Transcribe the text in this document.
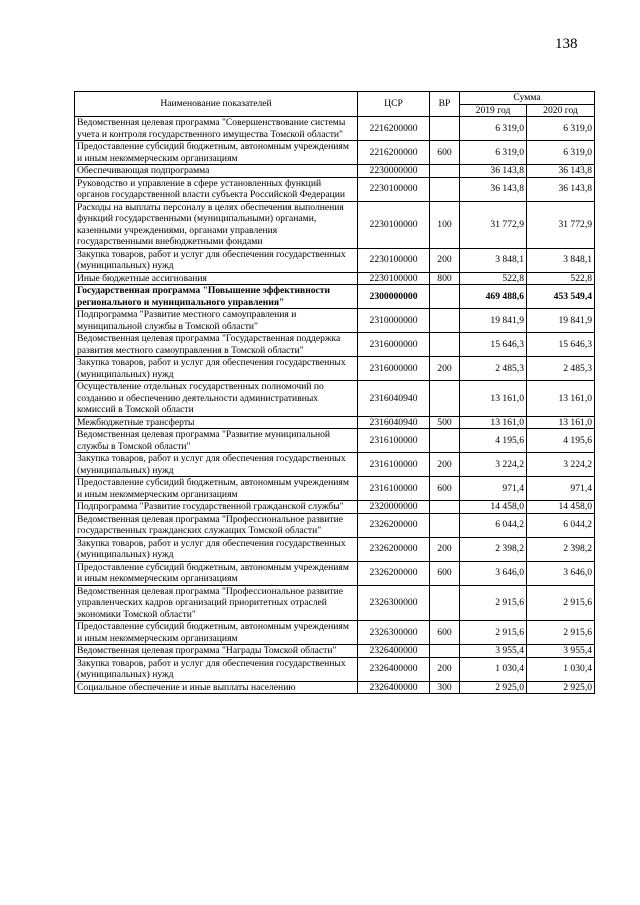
138
Наименование показателей	ЦСР	ВР	Сумма	
			2019 год	2020 год
Ведомственная целевая программа "Совершенствование системы учета и контроля государственного имущества Томской области"	2216200000		6 319,0	6 319,0
Предоставление субсидий бюджетным, автономным учреждениям и иным некоммерческим организациям	2216200000	600	6 319,0	6 319,0
Обеспечивающая подпрограмма	2230000000		36 143,8	36 143,8
Руководство и управление в сфере установленных функций органов государственной власти субъекта Российской Федерации	2230100000		36 143,8	36 143,8
Расходы на выплаты персоналу в целях обеспечения выполнения функций государственными (муниципальными) органами, казенными учреждениями, органами управления государственными внебюджетными фондами	2230100000	100	31 772,9	31 772,9
Закупка товаров, работ и услуг для обеспечения государственных (муниципальных) нужд	2230100000	200	3 848,1	3 848,1
Иные бюджетные ассигнования	2230100000	800	522,8	522,8
Государственная программа "Повышение эффективности регионального и муниципального управления"	2300000000		469 488,6	453 549,4
Подпрограмма "Развитие местного самоуправления и муниципальной службы в Томской области"	2310000000		19 841,9	19 841,9
Ведомственная целевая программа "Государственная поддержка развития местного самоуправления в Томской области"	2316000000		15 646,3	15 646,3
Закупка товаров, работ и услуг для обеспечения государственных (муниципальных) нужд	2316000000	200	2 485,3	2 485,3
Осуществление отдельных государственных полномочий по созданию и обеспечению деятельности административных комиссий в Томской области	2316040940		13 161,0	13 161,0
Межбюджетные трансферты	2316040940	500	13 161,0	13 161,0
Ведомственная целевая программа "Развитие муниципальной службы в Томской области"	2316100000		4 195,6	4 195,6
Закупка товаров, работ и услуг для обеспечения государственных (муниципальных) нужд	2316100000	200	3 224,2	3 224,2
Предоставление субсидий бюджетным, автономным учреждениям и иным некоммерческим организациям	2316100000	600	971,4	971,4
Подпрограмма "Развитие государственной гражданской службы"	2320000000		14 458,0	14 458,0
Ведомственная целевая программа "Профессиональное развитие государственных гражданских служащих Томской области"	2326200000		6 044,2	6 044,2
Закупка товаров, работ и услуг для обеспечения государственных (муниципальных) нужд	2326200000	200	2 398,2	2 398,2
Предоставление субсидий бюджетным, автономным учреждениям и иным некоммерческим организациям	2326200000	600	3 646,0	3 646,0
Ведомственная целевая программа "Профессиональное развитие управленческих кадров организаций приоритетных отраслей экономики Томской области"	2326300000		2 915,6	2 915,6
Предоставление субсидий бюджетным, автономным учреждениям и иным некоммерческим организациям	2326300000	600	2 915,6	2 915,6
Ведомственная целевая программа "Награды Томской области"	2326400000		3 955,4	3 955,4
Закупка товаров, работ и услуг для обеспечения государственных (муниципальных) нужд	2326400000	200	1 030,4	1 030,4
Социальное обеспечение и иные выплаты населению	2326400000	300	2 925,0	2 925,0
